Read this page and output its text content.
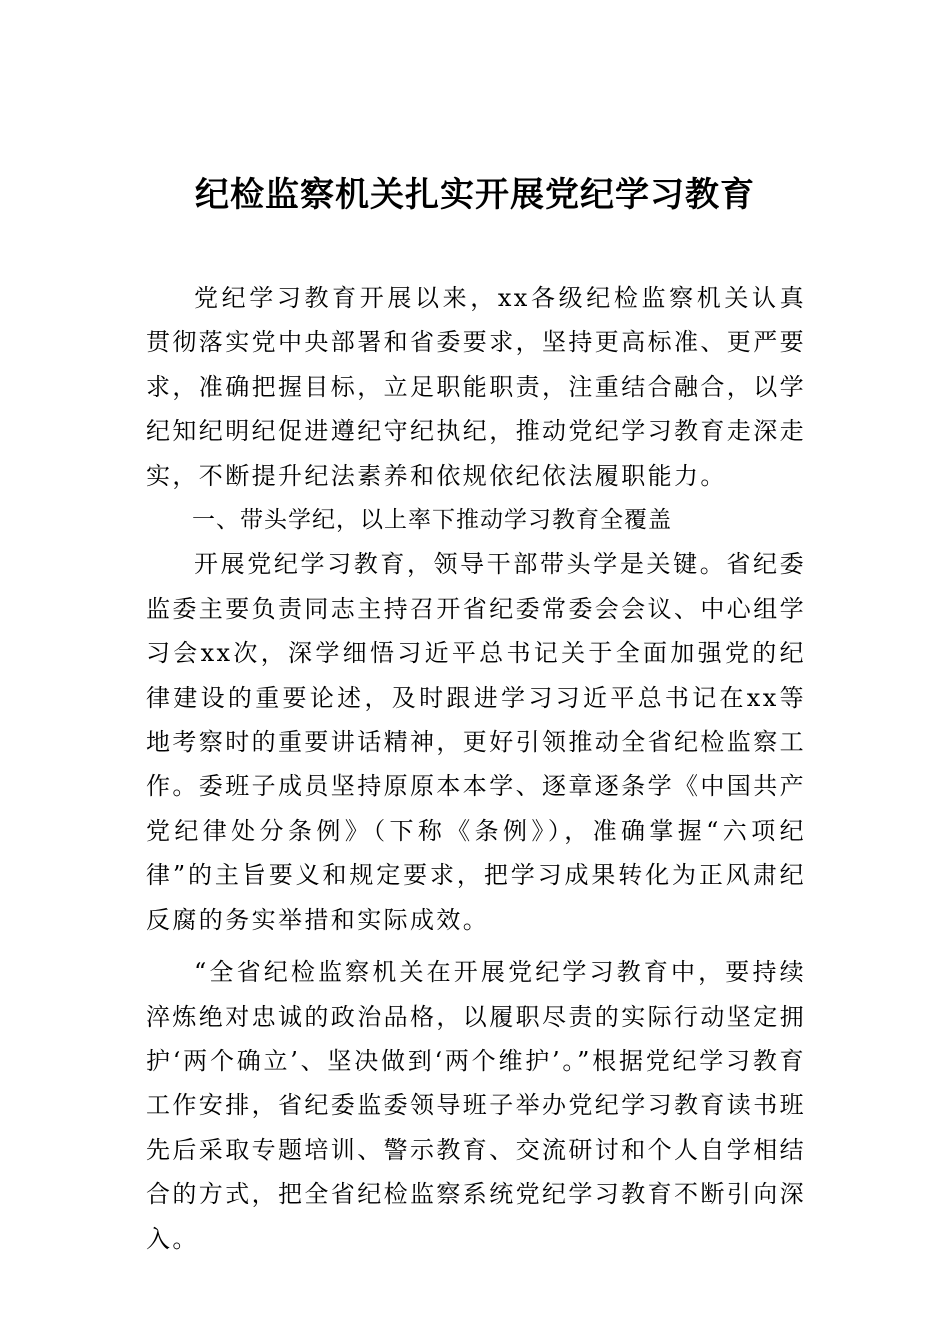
纪检监察机关扎实开展党纪学习教育

党纪学习教育开展以来，xx各级纪检监察机关认真贯彻落实党中央部署和省委要求，坚持更高标准、更严要求，准确把握目标，立足职能职责，注重结合融合，以学纪知纪明纪促进遵纪守纪执纪，推动党纪学习教育走深走实，不断提升纪法素养和依规依纪依法履职能力。

一、带头学纪，以上率下推动学习教育全覆盖

开展党纪学习教育，领导干部带头学是关键。省纪委监委主要负责同志主持召开省纪委常委会会议、中心组学习会xx次，深学细悟习近平总书记关于全面加强党的纪律建设的重要论述，及时跟进学习习近平总书记在xx等地考察时的重要讲话精神，更好引领推动全省纪检监察工作。委班子成员坚持原原本本学、逐章逐条学《中国共产党纪律处分条例》（下称《条例》），准确掌握“六项纪律”的主旨要义和规定要求，把学习成果转化为正风肃纪反腐的务实举措和实际成效。

“全省纪检监察机关在开展党纪学习教育中，要持续淬炼绝对忠诚的政治品格，以履职尽责的实际行动坚定拥护‘两个确立’、坚决做到‘两个维护’。”根据党纪学习教育工作安排，省纪委监委领导班子举办党纪学习教育读书班先后采取专题培训、警示教育、交流研讨和个人自学相结合的方式，把全省纪检监察系统党纪学习教育不断引向深入。
